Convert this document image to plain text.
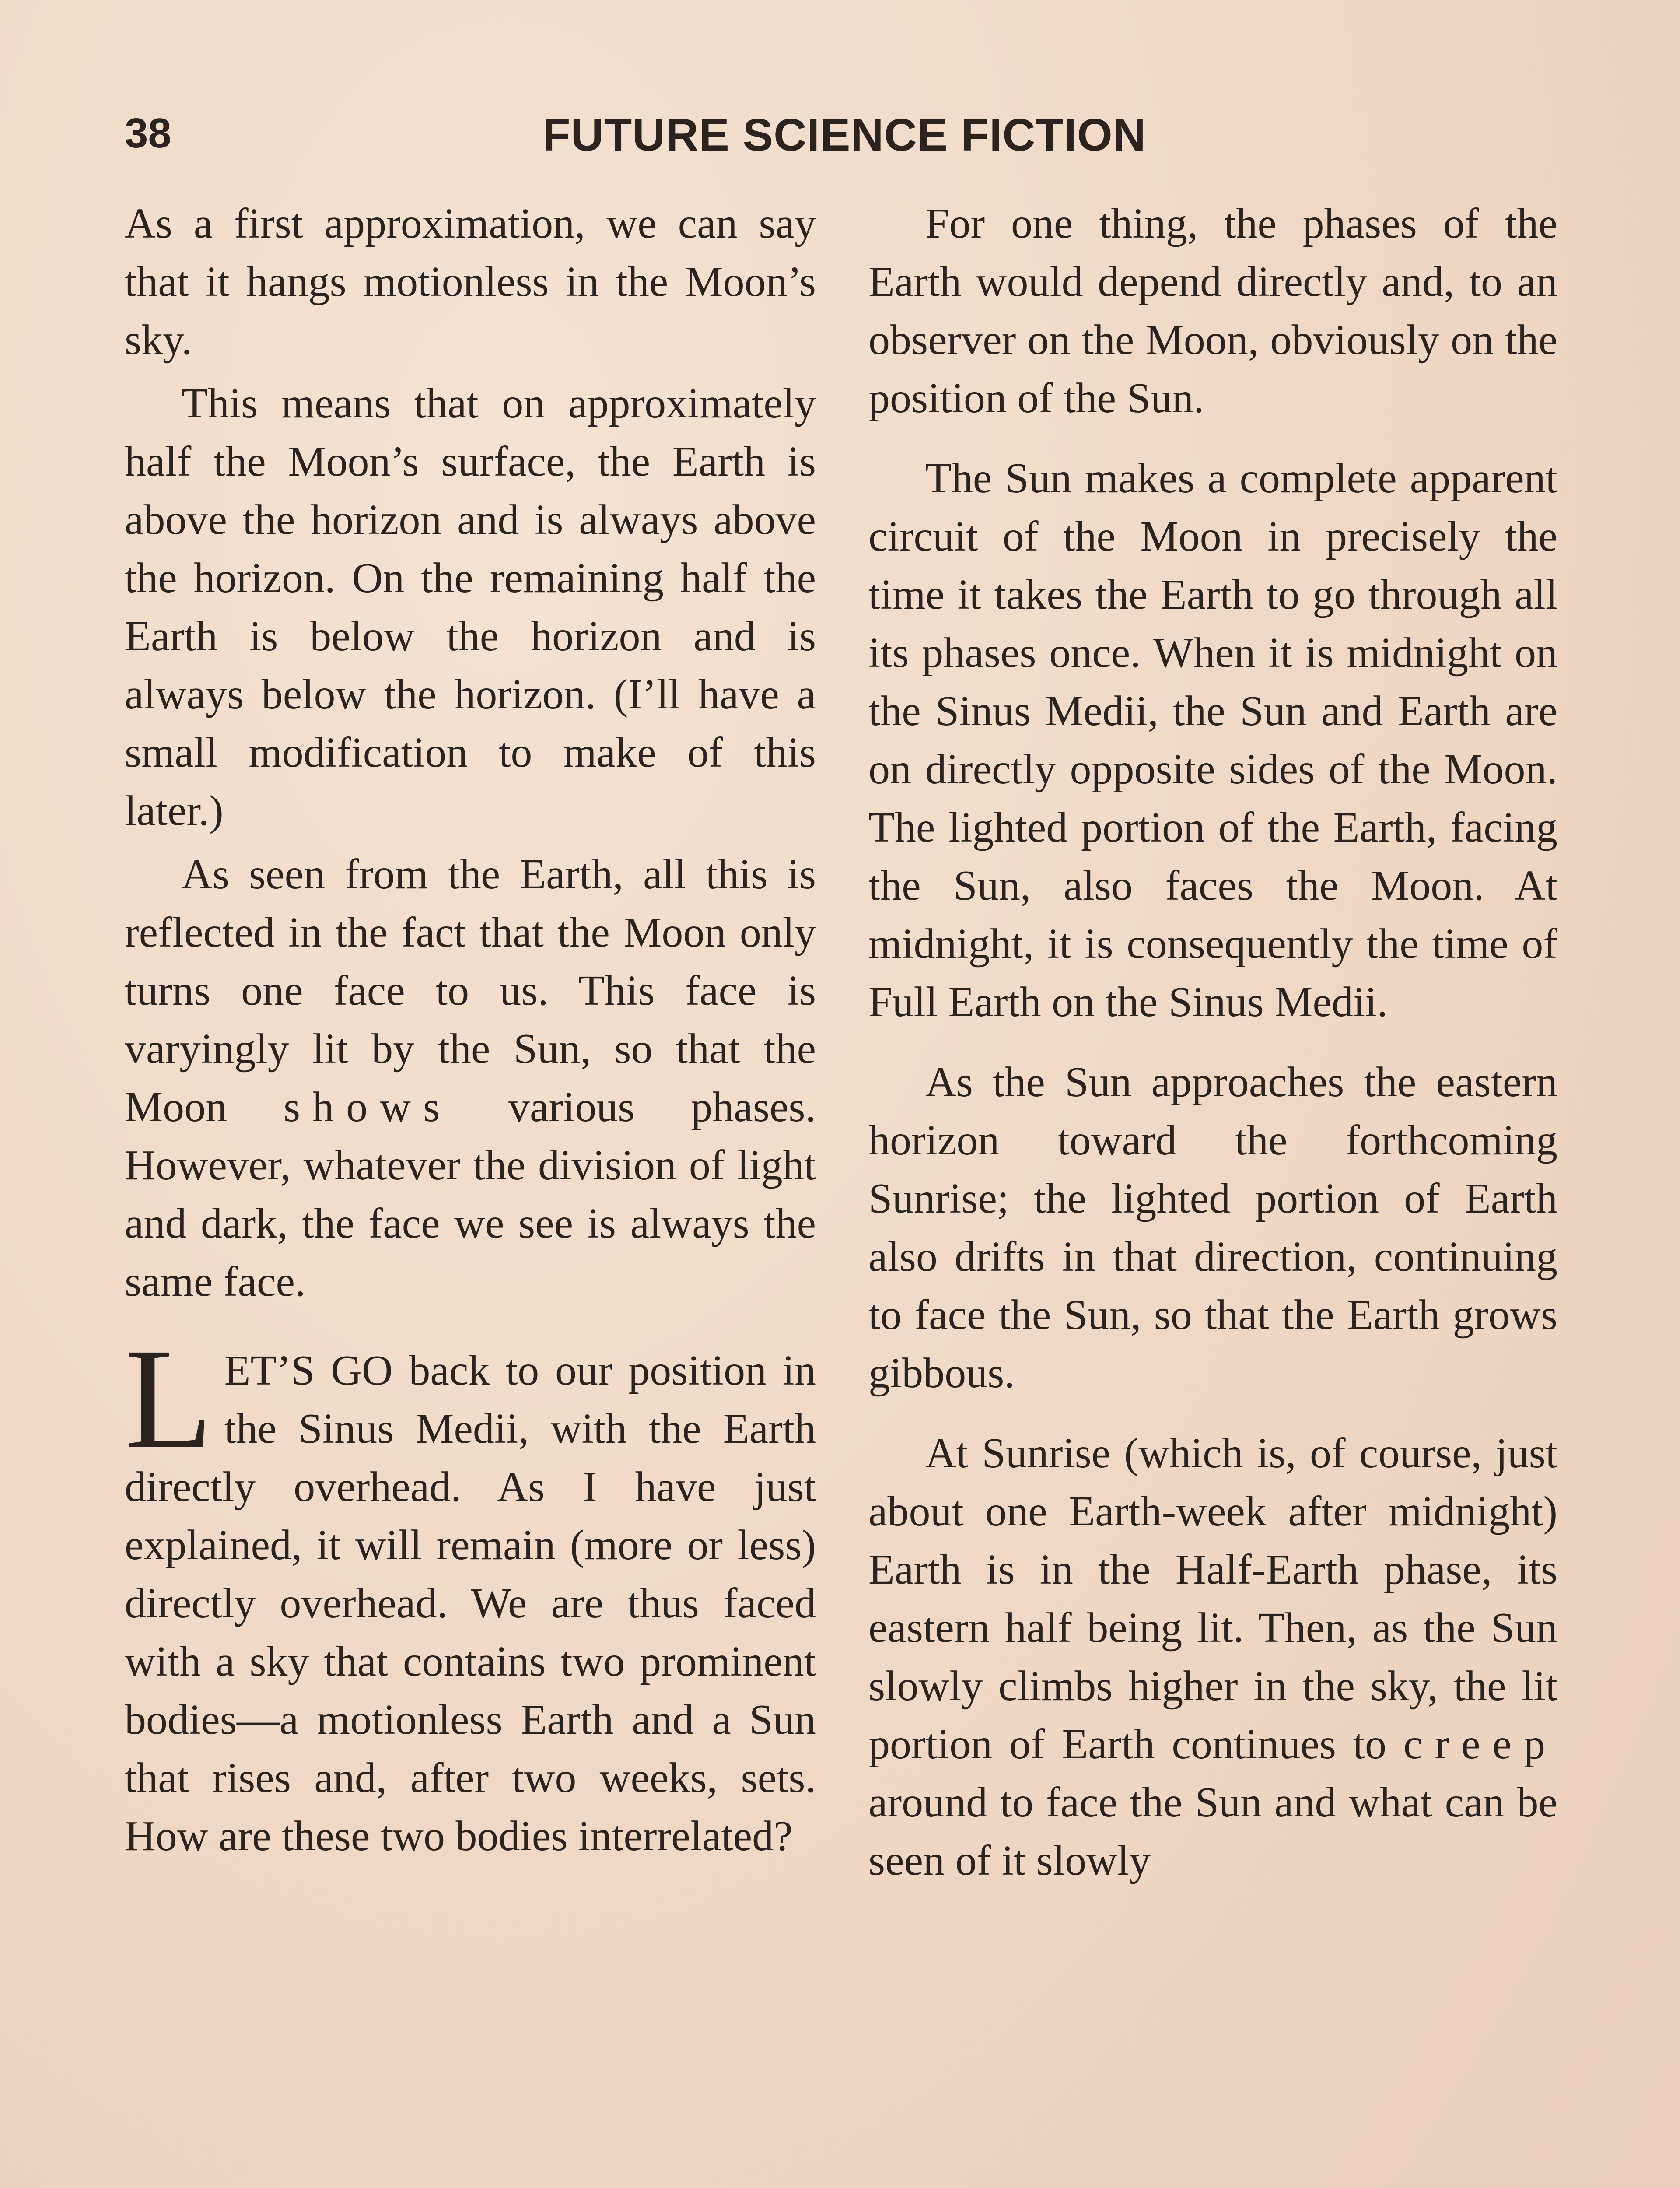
38	FUTURE SCIENCE FICTION

As a first approximation, we can say that it hangs motionless in the Moon’s sky.

This means that on approximately half the Moon’s surface, the Earth is above the horizon and is always above the horizon. On the remaining half the Earth is below the horizon and is always below the horizon. (I’ll have a small modification to make of this later.)

As seen from the Earth, all this is reflected in the fact that the Moon only turns one face to us. This face is varyingly lit by the Sun, so that the Moon shows various phases. However, whatever the division of light and dark, the face we see is always the same face.

LET’S GO back to our position in the Sinus Medii, with the Earth directly overhead. As I have just explained, it will remain (more or less) directly overhead. We are thus faced with a sky that contains two prominent bodies—a motionless Earth and a Sun that rises and, after two weeks, sets. How are these two bodies interrelated?

For one thing, the phases of the Earth would depend directly and, to an observer on the Moon, obviously on the position of the Sun.

The Sun makes a complete apparent circuit of the Moon in precisely the time it takes the Earth to go through all its phases once. When it is midnight on the Sinus Medii, the Sun and Earth are on directly opposite sides of the Moon. The lighted portion of the Earth, facing the Sun, also faces the Moon. At midnight, it is consequently the time of Full Earth on the Sinus Medii.

As the Sun approaches the eastern horizon toward the forthcoming Sunrise; the lighted portion of Earth also drifts in that direction, continuing to face the Sun, so that the Earth grows gibbous.

At Sunrise (which is, of course, just about one Earth-week after midnight) Earth is in the Half-Earth phase, its eastern half being lit. Then, as the Sun slowly climbs higher in the sky, the lit portion of Earth continues to creep around to face the Sun and what can be seen of it slowly
